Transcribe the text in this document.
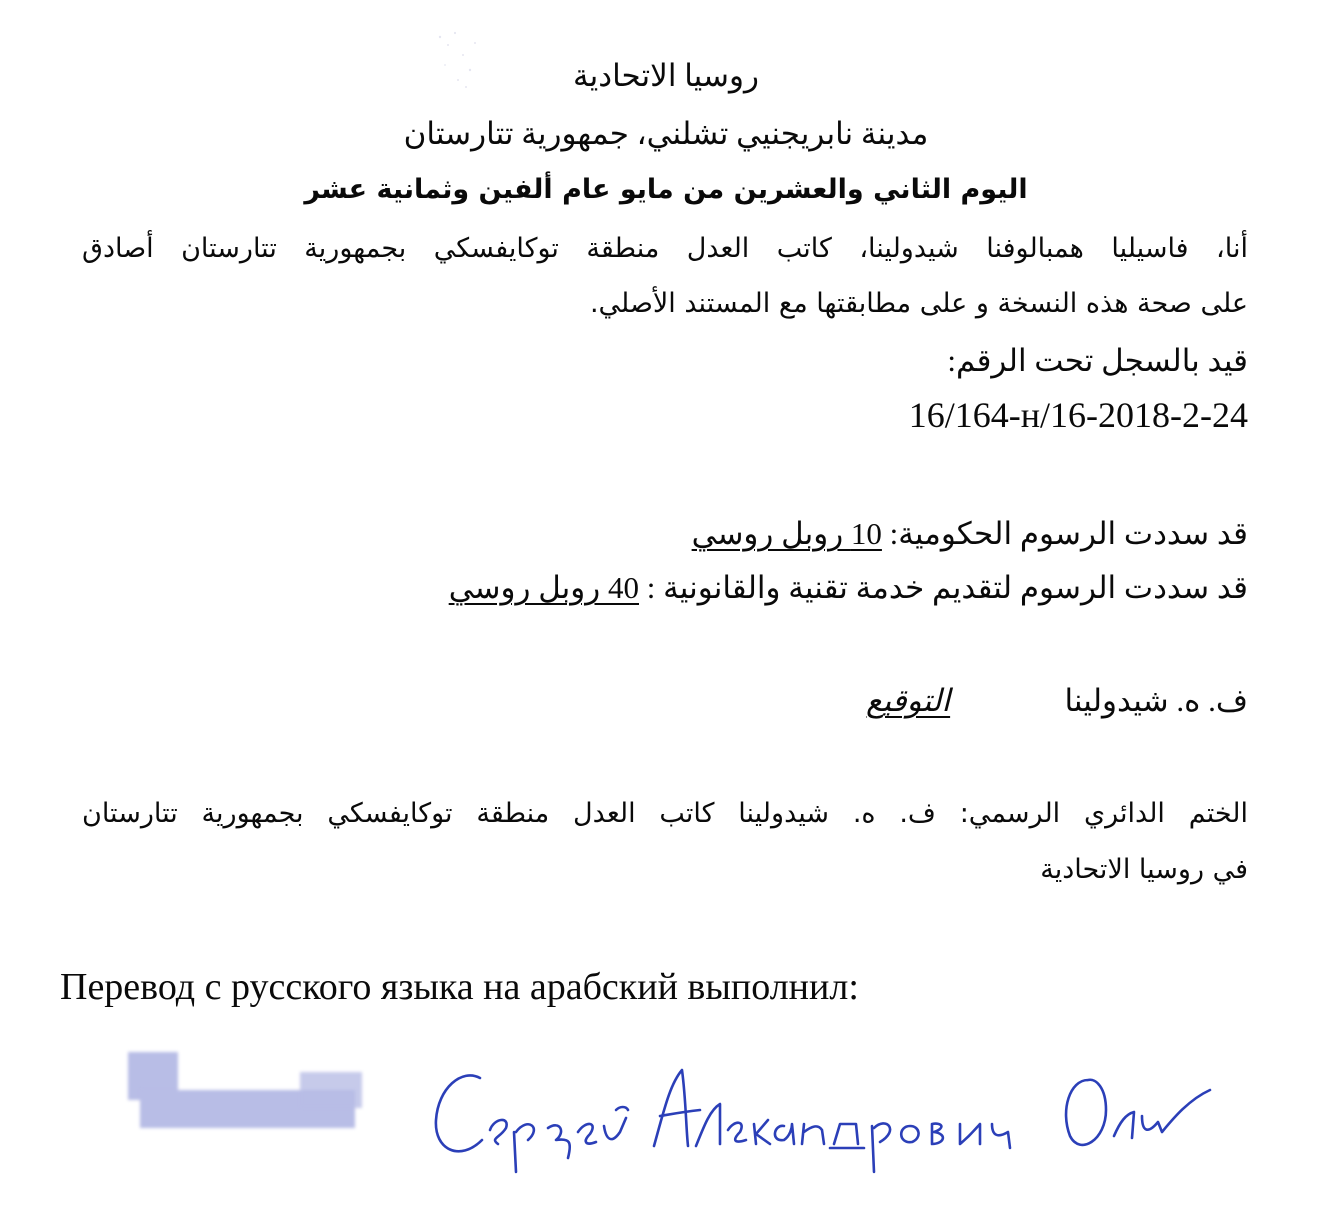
روسيا الاتحادية
مدينة نابريجنيي تشلني، جمهورية تتارستان
اليوم الثاني والعشرين من مايو عام ألفين وثمانية عشر
أنا، فاسيليا همبالوفنا شيدولينا، كاتب العدل منطقة توكايفسكي بجمهورية تتارستان أصادق
على صحة هذه النسخة و على مطابقتها مع المستند الأصلي.
قيد بالسجل تحت الرقم:
16/164-н/16-2018-2-24
قد سددت الرسوم الحكومية: 10 روبل روسي
قد سددت الرسوم لتقديم خدمة تقنية والقانونية : 40 روبل روسي
ف. ه. شيدولينا
التوقيع
الختم الدائري الرسمي: ف. ه. شيدولينا كاتب العدل منطقة توكايفسكي بجمهورية تتارستان
في روسيا الاتحادية
Перевод с русского языка на арабский выполнил:
